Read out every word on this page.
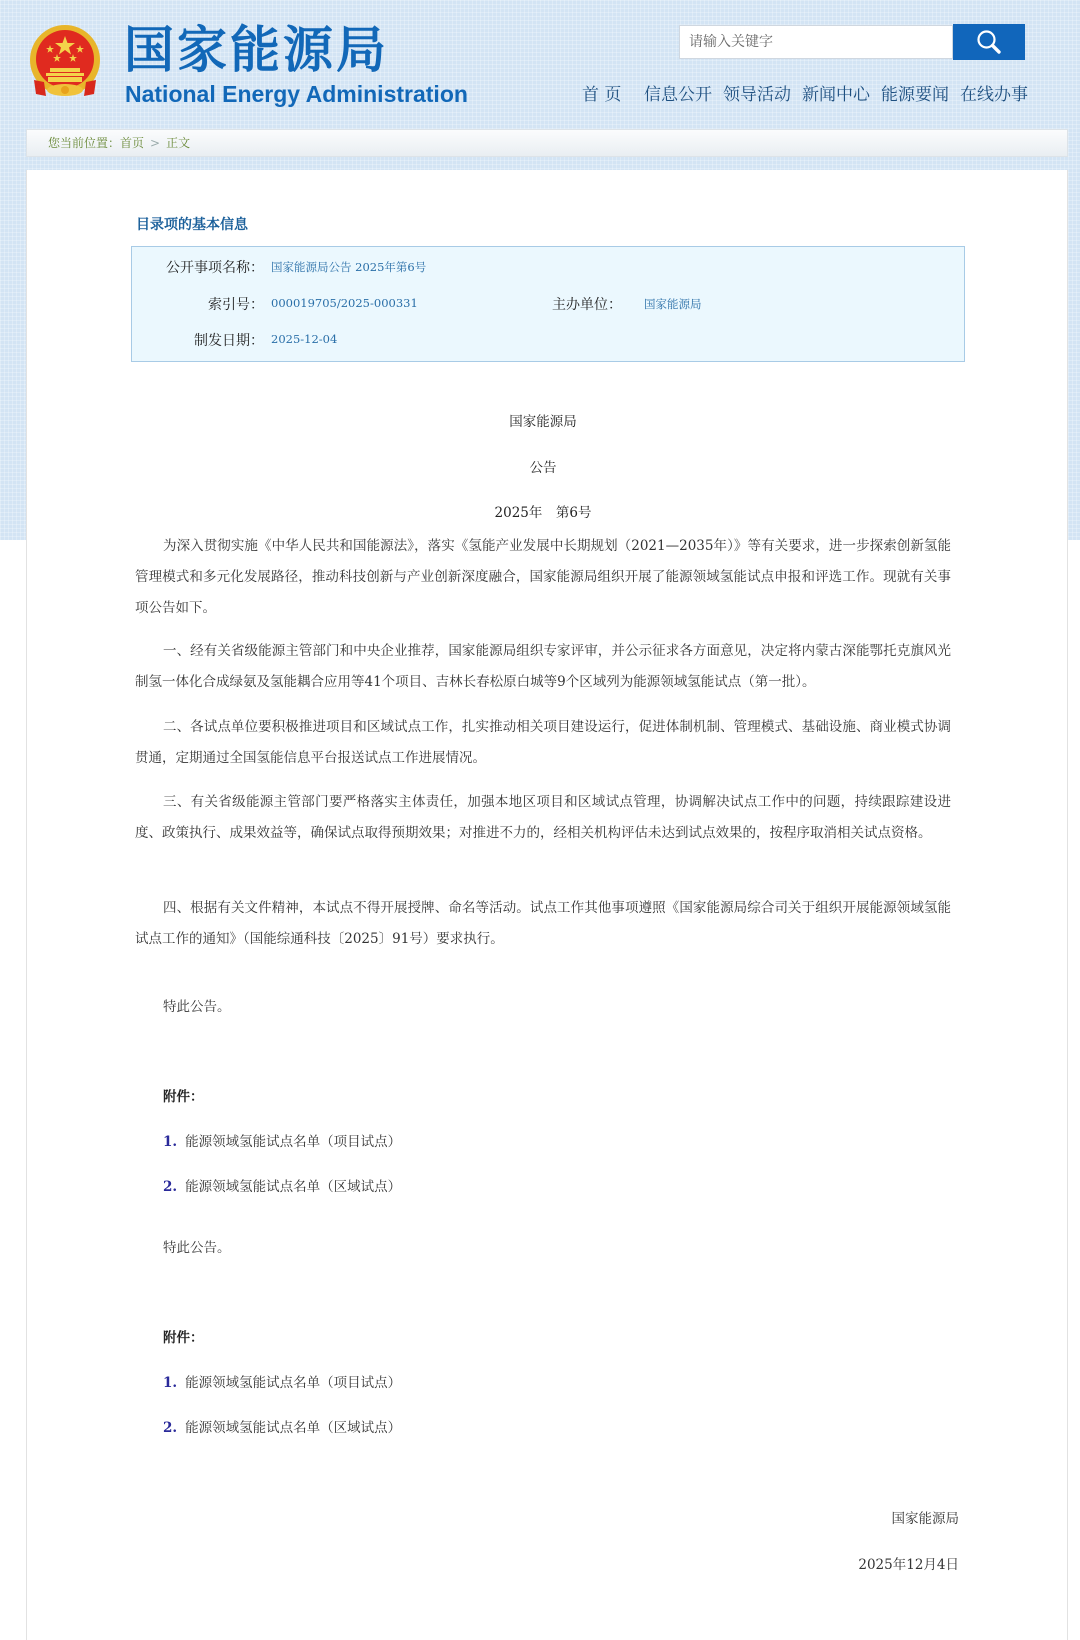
国家能源局
National Energy Administration
请输入关键字	首 页	信息公开 领导活动 新闻中心 能源要闻 在线办事
您当前位置：首页 > 正文
目录项的基本信息
公开事项名称： 国家能源局公告 2025年第6号
索引号： 000019705/2025-000331	主办单位：	国家能源局
制发日期： 2025-12-04
国家能源局
公告
2025年　第6号

为深入贯彻实施《中华人民共和国能源法》，落实《氢能产业发展中长期规划（2021—2035年）》等有关要求，进一步探索创新氢能管理模式和多元化发展路径，推动科技创新与产业创新深度融合，国家能源局组织开展了能源领域氢能试点申报和评选工作。现就有关事项公告如下。

一、经有关省级能源主管部门和中央企业推荐，国家能源局组织专家评审，并公示征求各方面意见，决定将内蒙古深能鄂托克旗风光制氢一体化合成绿氨及氢能耦合应用等41个项目、吉林长春松原白城等9个区域列为能源领域氢能试点（第一批）。

二、各试点单位要积极推进项目和区域试点工作，扎实推动相关项目建设运行，促进体制机制、管理模式、基础设施、商业模式协调贯通，定期通过全国氢能信息平台报送试点工作进展情况。

三、有关省级能源主管部门要严格落实主体责任，加强本地区项目和区域试点管理，协调解决试点工作中的问题，持续跟踪建设进度、政策执行、成果效益等，确保试点取得预期效果；对推进不力的，经相关机构评估未达到试点效果的，按程序取消相关试点资格。

四、根据有关文件精神，本试点不得开展授牌、命名等活动。试点工作其他事项遵照《国家能源局综合司关于组织开展能源领域氢能试点工作的通知》（国能综通科技〔2025〕91号）要求执行。

特此公告。
附件：
1. 能源领域氢能试点名单（项目试点）
2. 能源领域氢能试点名单（区域试点）
特此公告。
附件：
1. 能源领域氢能试点名单（项目试点）
2. 能源领域氢能试点名单（区域试点）
国家能源局
2025年12月4日
